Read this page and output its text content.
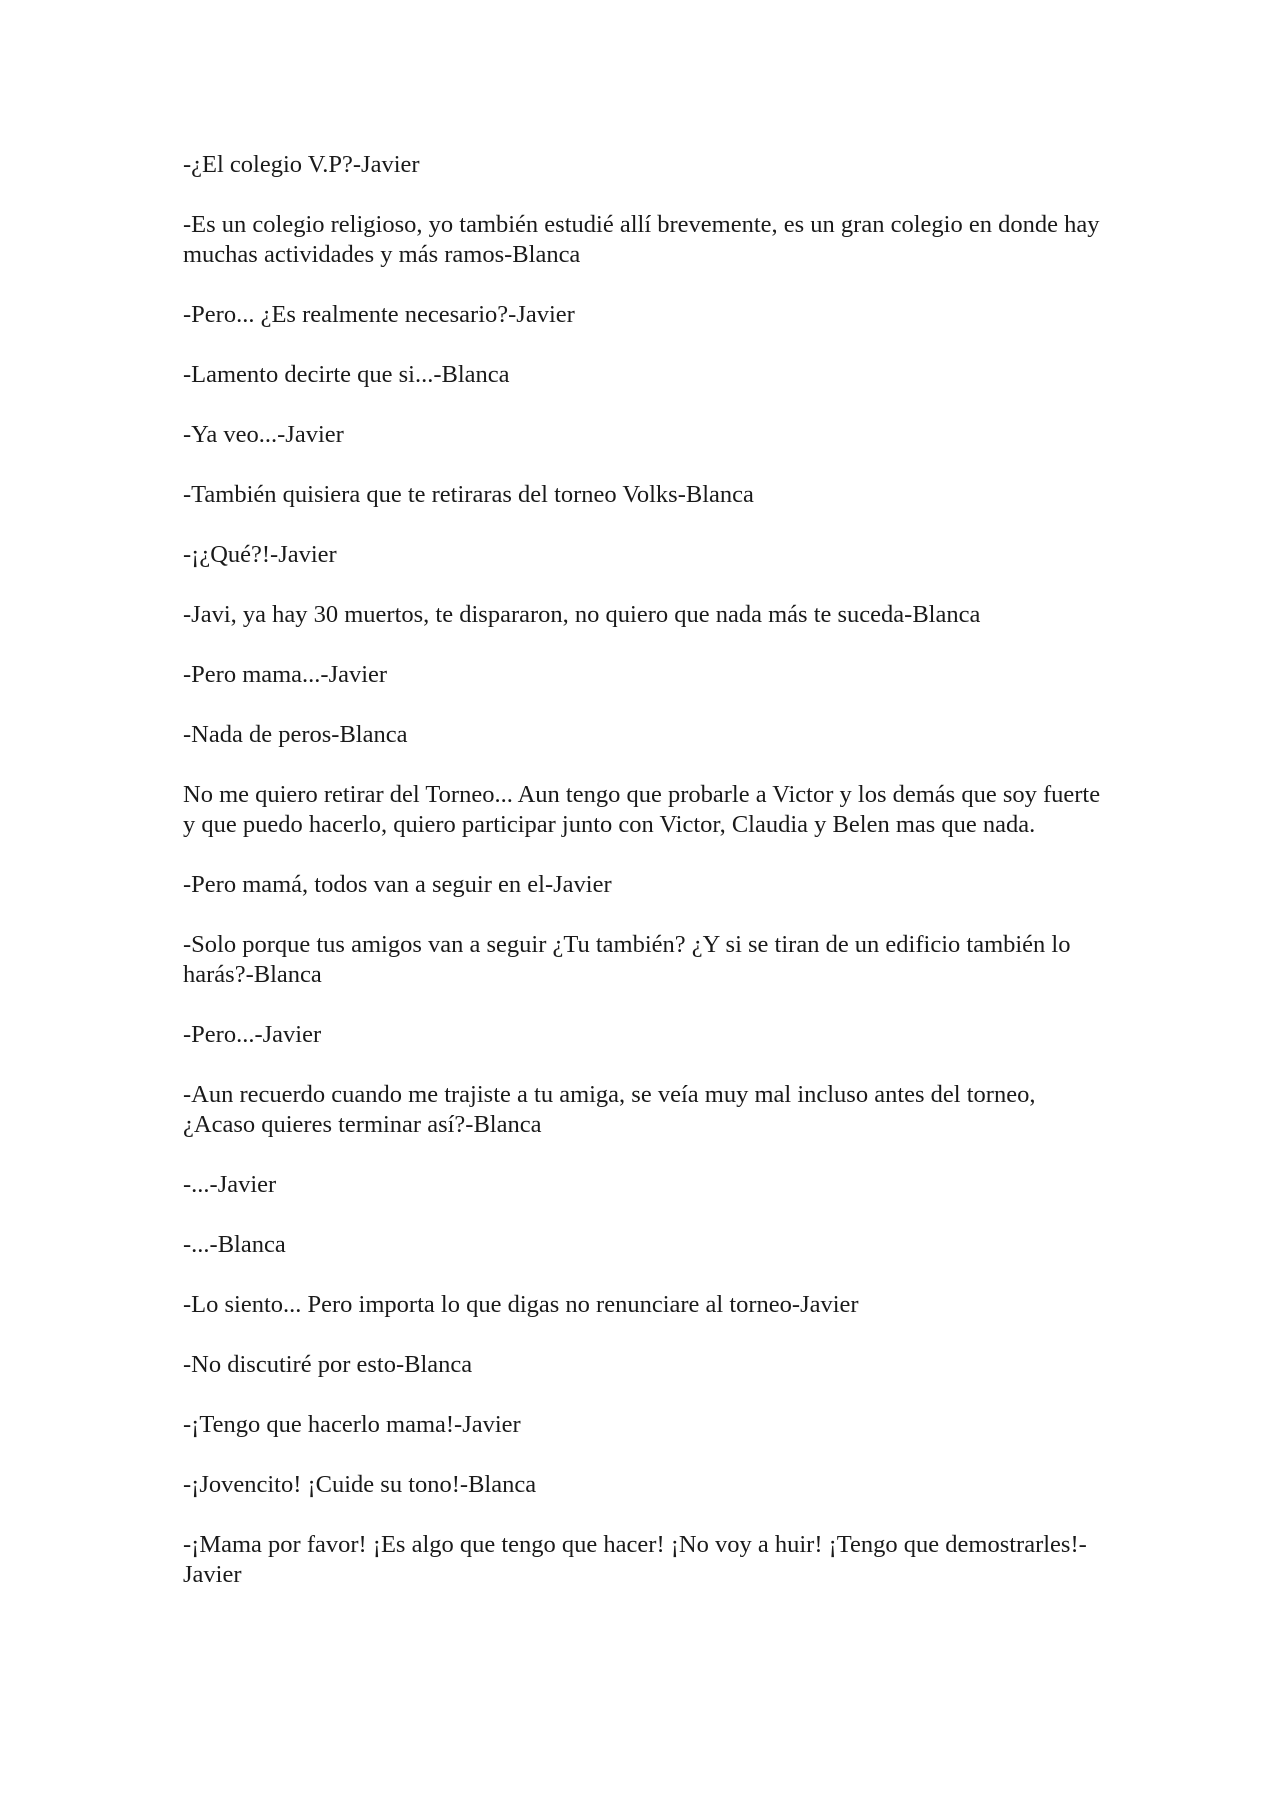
-¿El colegio V.P?-Javier

-Es un colegio religioso, yo también estudié allí brevemente, es un gran colegio en donde hay muchas actividades y más ramos-Blanca

-Pero... ¿Es realmente necesario?-Javier

-Lamento decirte que si...-Blanca

-Ya veo...-Javier

-También quisiera que te retiraras del torneo Volks-Blanca

-¡¿Qué?!-Javier

-Javi, ya hay 30 muertos, te dispararon, no quiero que nada más te suceda-Blanca

-Pero mama...-Javier

-Nada de peros-Blanca

No me quiero retirar del Torneo... Aun tengo que probarle a Victor y los demás que soy fuerte y que puedo hacerlo, quiero participar junto con Victor, Claudia y Belen mas que nada.

-Pero mamá, todos van a seguir en el-Javier

-Solo porque tus amigos van a seguir ¿Tu también? ¿Y si se tiran de un edificio también lo harás?-Blanca

-Pero...-Javier

-Aun recuerdo cuando me trajiste a tu amiga, se veía muy mal incluso antes del torneo, ¿Acaso quieres terminar así?-Blanca

-...-Javier

-...-Blanca

-Lo siento... Pero importa lo que digas no renunciare al torneo-Javier

-No discutiré por esto-Blanca

-¡Tengo que hacerlo mama!-Javier

-¡Jovencito! ¡Cuide su tono!-Blanca

-¡Mama por favor! ¡Es algo que tengo que hacer! ¡No voy a huir! ¡Tengo que demostrarles!-Javier
